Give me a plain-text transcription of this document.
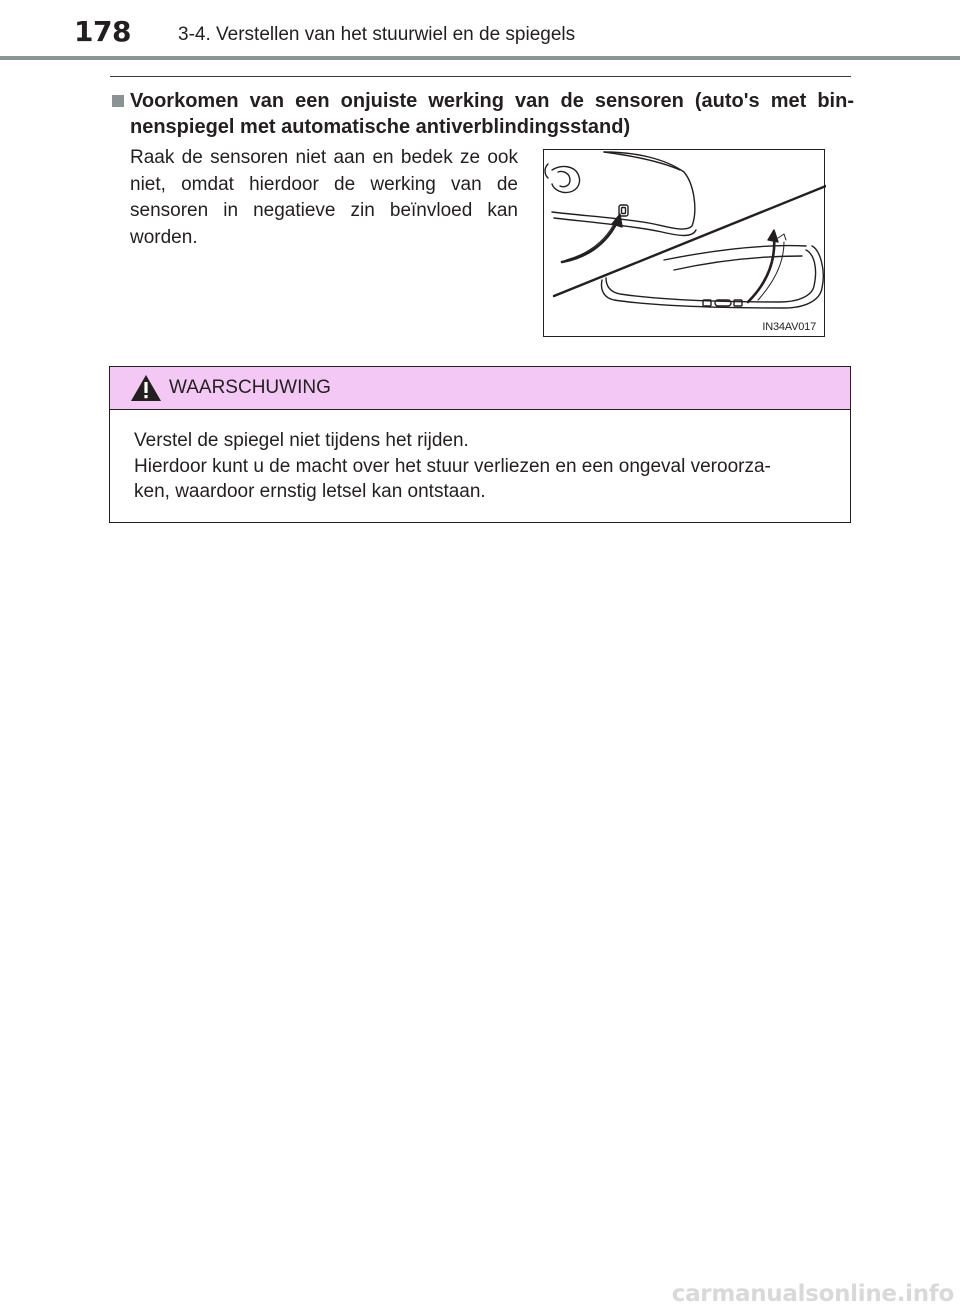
178 3-4. Verstellen van het stuurwiel en de spiegels
Voorkomen van een onjuiste werking van de sensoren (auto's met bin-nenspiegel met automatische antiverblindingsstand)
Raak de sensoren niet aan en bedek ze ook niet, omdat hierdoor de werking van de sensoren in negatieve zin beïnvloed kan worden.
IN34AV017
WAARSCHUWING

Verstel de spiegel niet tijdens het rijden.

Hierdoor kunt u de macht over het stuur verliezen en een ongeval veroorza-

ken, waardoor ernstig letsel kan ontstaan.

carmanualsonline.info
